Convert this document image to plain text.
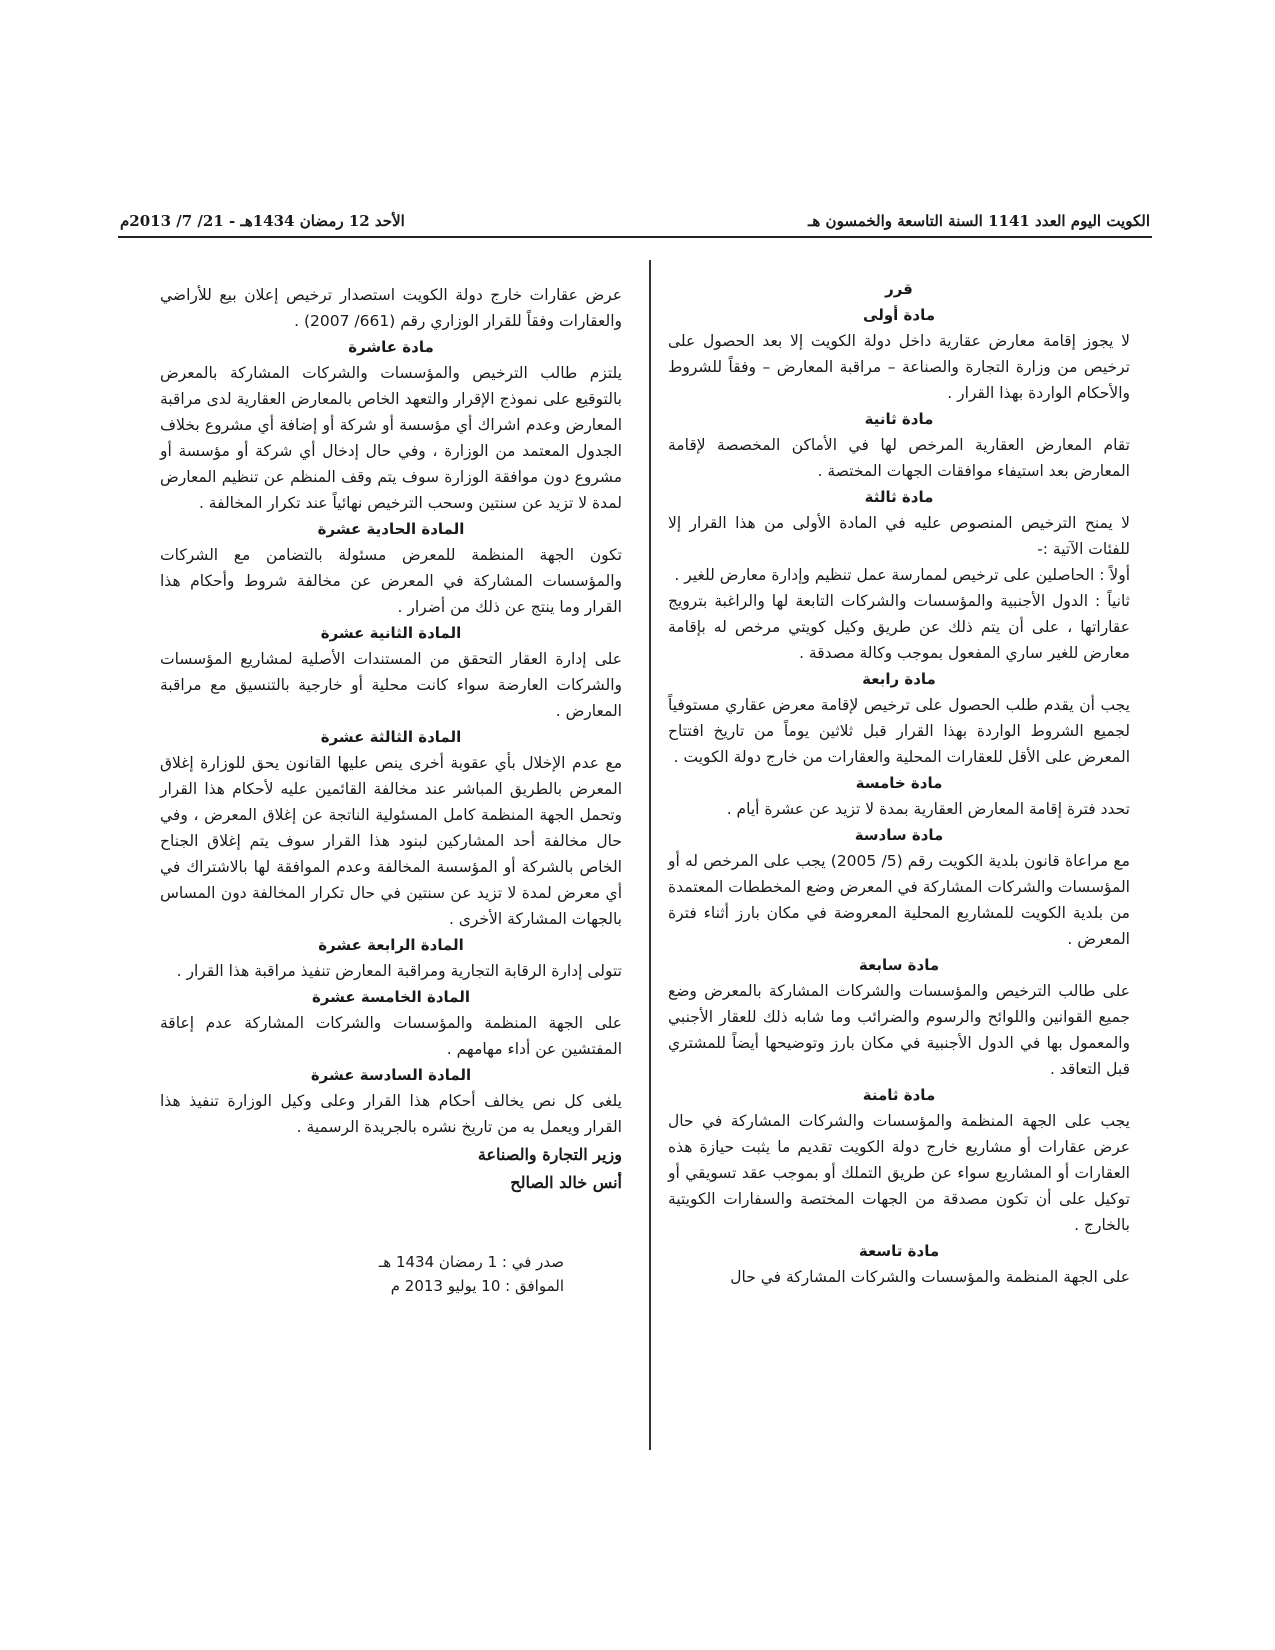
الكويت اليوم العدد 1141 السنة التاسعة والخمسون هـ
الأحد 12 رمضان 1434هـ - 21/ 7/ 2013م
قرر
مادة أولى
لا يجوز إقامة معارض عقارية داخل دولة الكويت إلا بعد الحصول على ترخيص من وزارة التجارة والصناعة – مراقبة المعارض – وفقاً للشروط والأحكام الواردة بهذا القرار .
مادة ثانية
تقام المعارض العقارية المرخص لها في الأماكن المخصصة لإقامة المعارض بعد استيفاء موافقات الجهات المختصة .
مادة ثالثة
لا يمنح الترخيص المنصوص عليه في المادة الأولى من هذا القرار إلا للفئات الآتية :-
أولاً : الحاصلين على ترخيص لممارسة عمل تنظيم وإدارة معارض للغير .
ثانياً : الدول الأجنبية والمؤسسات والشركات التابعة لها والراغبة بترويج عقاراتها ، على أن يتم ذلك عن طريق وكيل كويتي مرخص له بإقامة معارض للغير ساري المفعول بموجب وكالة مصدقة .
مادة رابعة
يجب أن يقدم طلب الحصول على ترخيص لإقامة معرض عقاري مستوفياً لجميع الشروط الواردة بهذا القرار قبل ثلاثين يوماً من تاريخ افتتاح المعرض على الأقل للعقارات المحلية والعقارات من خارج دولة الكويت .
مادة خامسة
تحدد فترة إقامة المعارض العقارية بمدة لا تزيد عن عشرة أيام .
مادة سادسة
مع مراعاة قانون بلدية الكويت رقم (5/ 2005) يجب على المرخص له أو المؤسسات والشركات المشاركة في المعرض وضع المخططات المعتمدة من بلدية الكويت للمشاريع المحلية المعروضة في مكان بارز أثناء فترة المعرض .
مادة سابعة
على طالب الترخيص والمؤسسات والشركات المشاركة بالمعرض وضع جميع القوانين واللوائح والرسوم والضرائب وما شابه ذلك للعقار الأجنبي والمعمول بها في الدول الأجنبية في مكان بارز وتوضيحها أيضاً للمشتري قبل التعاقد .
مادة ثامنة
يجب على الجهة المنظمة والمؤسسات والشركات المشاركة في حال عرض عقارات أو مشاريع خارج دولة الكويت تقديم ما يثبت حيازة هذه العقارات أو المشاريع سواء عن طريق التملك أو بموجب عقد تسويقي أو توكيل على أن تكون مصدقة من الجهات المختصة والسفارات الكويتية بالخارج .
مادة تاسعة
على الجهة المنظمة والمؤسسات والشركات المشاركة في حال
عرض عقارات خارج دولة الكويت استصدار ترخيص إعلان بيع للأراضي والعقارات وفقاً للقرار الوزاري رقم (661/ 2007) .
مادة عاشرة
يلتزم طالب الترخيص والمؤسسات والشركات المشاركة بالمعرض بالتوقيع على نموذج الإقرار والتعهد الخاص بالمعارض العقارية لدى مراقبة المعارض وعدم اشراك أي مؤسسة أو شركة أو إضافة أي مشروع بخلاف الجدول المعتمد من الوزارة ، وفي حال إدخال أي شركة أو مؤسسة أو مشروع دون موافقة الوزارة سوف يتم وقف المنظم عن تنظيم المعارض لمدة لا تزيد عن سنتين وسحب الترخيص نهائياً عند تكرار المخالفة .
المادة الحادية عشرة
تكون الجهة المنظمة للمعرض مسئولة بالتضامن مع الشركات والمؤسسات المشاركة في المعرض عن مخالفة شروط وأحكام هذا القرار وما ينتج عن ذلك من أضرار .
المادة الثانية عشرة
على إدارة العقار التحقق من المستندات الأصلية لمشاريع المؤسسات والشركات العارضة سواء كانت محلية أو خارجية بالتنسيق مع مراقبة المعارض .
المادة الثالثة عشرة
مع عدم الإخلال بأي عقوبة أخرى ينص عليها القانون يحق للوزارة إغلاق المعرض بالطريق المباشر عند مخالفة القائمين عليه لأحكام هذا القرار وتحمل الجهة المنظمة كامل المسئولية الناتجة عن إغلاق المعرض ، وفي حال مخالفة أحد المشاركين لبنود هذا القرار سوف يتم إغلاق الجناح الخاص بالشركة أو المؤسسة المخالفة وعدم الموافقة لها بالاشتراك في أي معرض لمدة لا تزيد عن سنتين في حال تكرار المخالفة دون المساس بالجهات المشاركة الأخرى .
المادة الرابعة عشرة
تتولى إدارة الرقابة التجارية ومراقبة المعارض تنفيذ مراقبة هذا القرار .
المادة الخامسة عشرة
على الجهة المنظمة والمؤسسات والشركات المشاركة عدم إعاقة المفتشين عن أداء مهامهم .
المادة السادسة عشرة
يلغى كل نص يخالف أحكام هذا القرار وعلى وكيل الوزارة تنفيذ هذا القرار ويعمل به من تاريخ نشره بالجريدة الرسمية .
وزير التجارة والصناعة
أنس خالد الصالح
صدر في : 1 رمضان 1434 هـ
الموافق : 10 يوليو 2013 م
